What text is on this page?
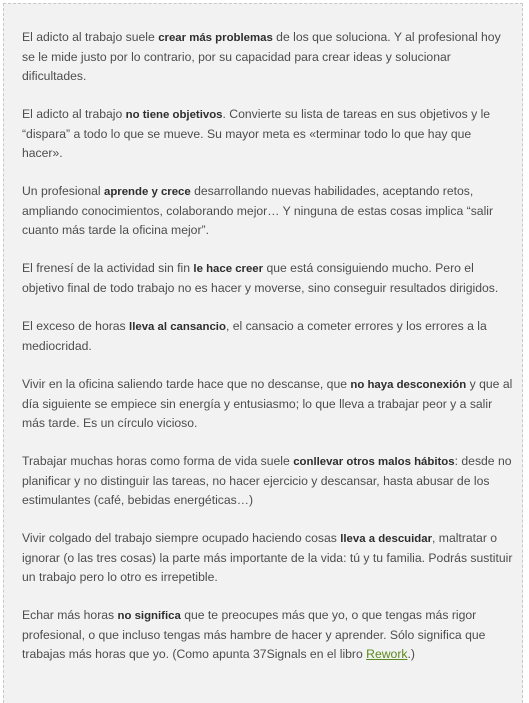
El adicto al trabajo suele crear más problemas de los que soluciona. Y al profesional hoy se le mide justo por lo contrario, por su capacidad para crear ideas y solucionar dificultades.

El adicto al trabajo no tiene objetivos. Convierte su lista de tareas en sus objetivos y le “dispara” a todo lo que se mueve. Su mayor meta es «terminar todo lo que hay que hacer».

Un profesional aprende y crece desarrollando nuevas habilidades, aceptando retos, ampliando conocimientos, colaborando mejor… Y ninguna de estas cosas implica “salir cuanto más tarde la oficina mejor”.

El frenesí de la actividad sin fin le hace creer que está consiguiendo mucho. Pero el objetivo final de todo trabajo no es hacer y moverse, sino conseguir resultados dirigidos.

El exceso de horas lleva al cansancio, el cansacio a cometer errores y los errores a la mediocridad.

Vivir en la oficina saliendo tarde hace que no descanse, que no haya desconexión y que al día siguiente se empiece sin energía y entusiasmo; lo que lleva a trabajar peor y a salir más tarde. Es un círculo vicioso.

Trabajar muchas horas como forma de vida suele conllevar otros malos hábitos: desde no planificar y no distinguir las tareas, no hacer ejercicio y descansar, hasta abusar de los estimulantes (café, bebidas energéticas…)

Vivir colgado del trabajo siempre ocupado haciendo cosas lleva a descuidar, maltratar o ignorar (o las tres cosas) la parte más importante de la vida: tú y tu familia. Podrás sustituir un trabajo pero lo otro es irrepetible.

Echar más horas no significa que te preocupes más que yo, o que tengas más rigor profesional, o que incluso tengas más hambre de hacer y aprender. Sólo significa que trabajas más horas que yo. (Como apunta 37Signals en el libro Rework.)
